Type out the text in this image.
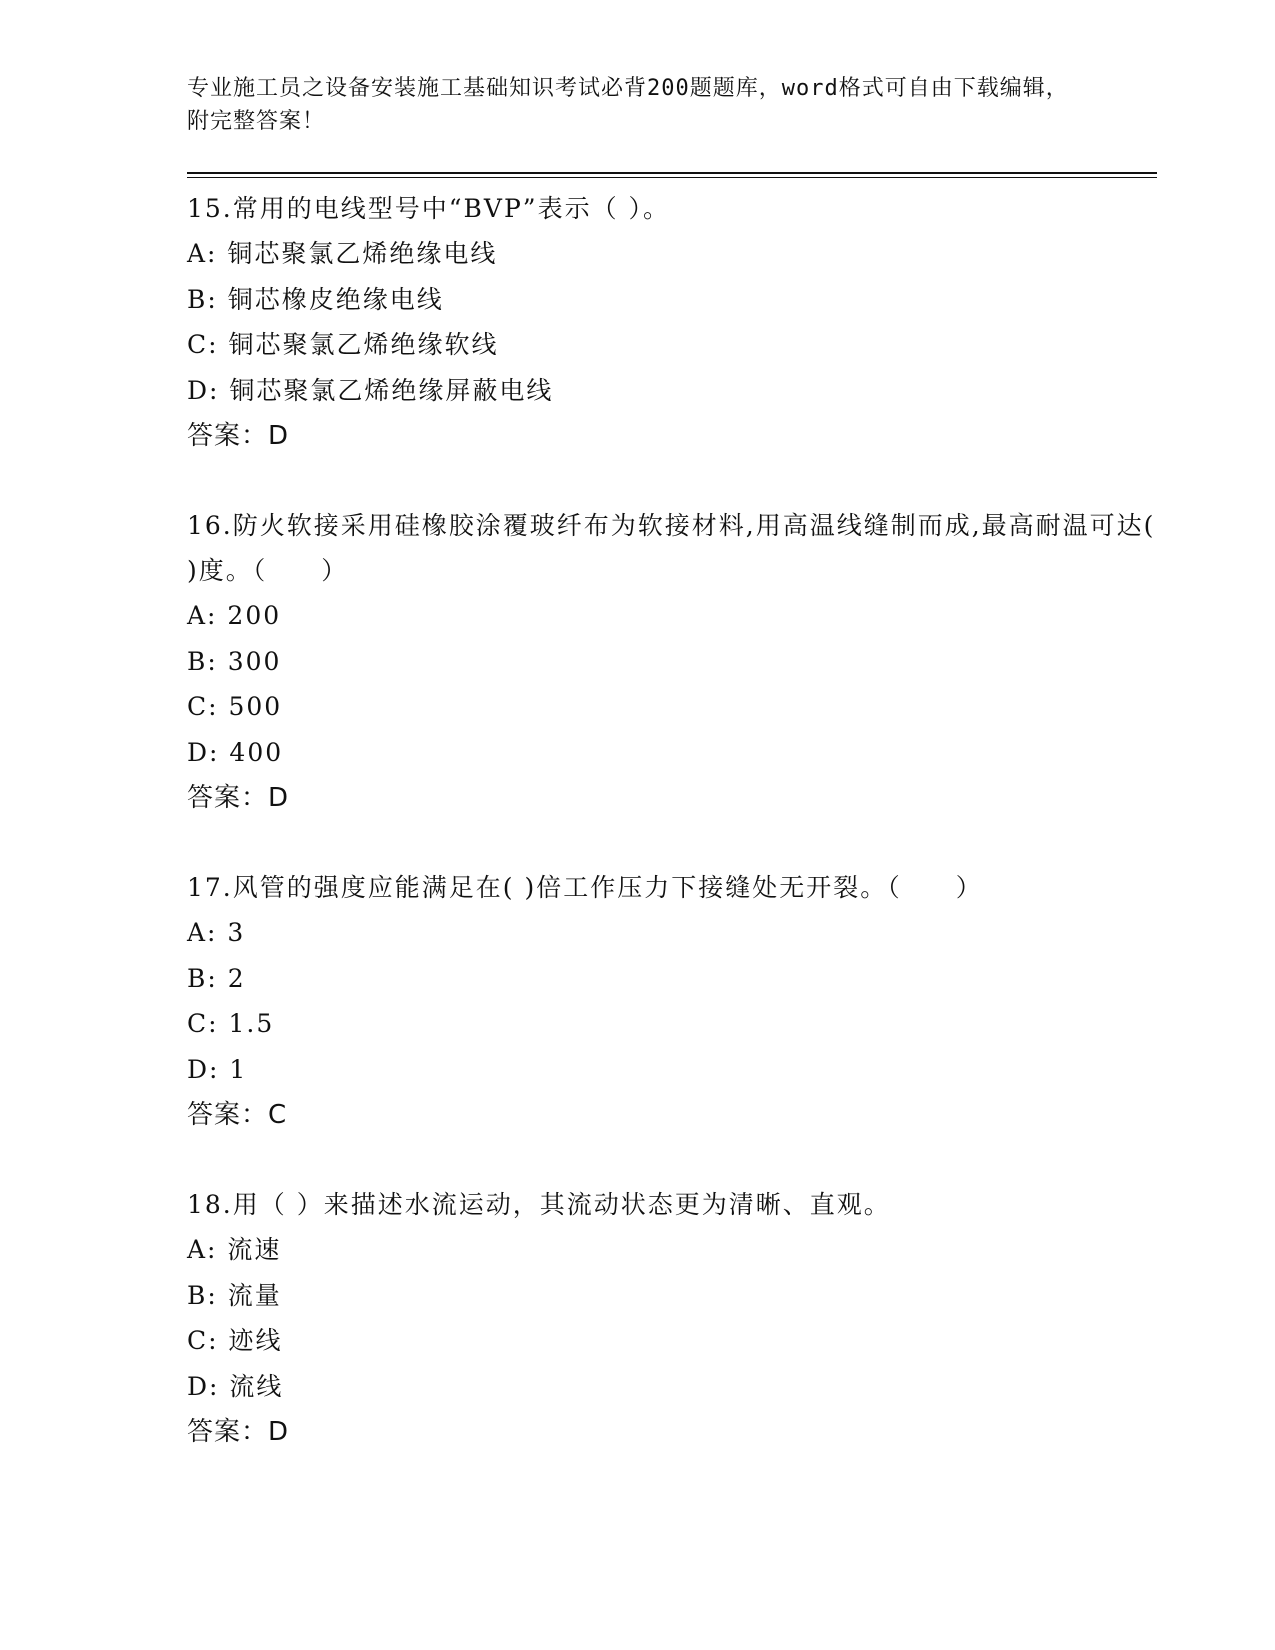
专业施工员之设备安装施工基础知识考试必背200题题库，word格式可自由下载编辑，附完整答案！
15.常用的电线型号中“BVP”表示（ ）。
A: 铜芯聚氯乙烯绝缘电线
B: 铜芯橡皮绝缘电线
C: 铜芯聚氯乙烯绝缘软线
D: 铜芯聚氯乙烯绝缘屏蔽电线
答案：D
16.防火软接采用硅橡胶涂覆玻纤布为软接材料,用高温线缝制而成,最高耐温可达( )度。（　　）
A: 200
B: 300
C: 500
D: 400
答案：D
17.风管的强度应能满足在( )倍工作压力下接缝处无开裂。（　　）
A: 3
B: 2
C: 1.5
D: 1
答案：C
18.用（ ）来描述水流运动，其流动状态更为清晰、直观。
A: 流速
B: 流量
C: 迹线
D: 流线
答案：D
